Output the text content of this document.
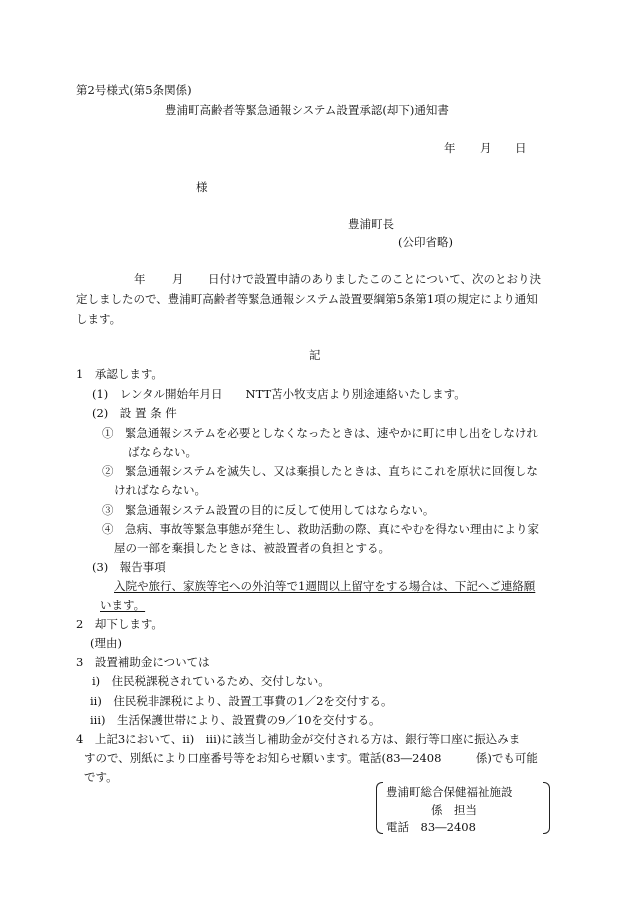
第2号様式(第5条関係)
豊浦町高齢者等緊急通報システム設置承認(却下)通知書
年 月 日
様
豊浦町長
(公印省略)
年 月 日付けで設置申請のありましたこのことについて、次のとおり決
定しましたので、豊浦町高齢者等緊急通報システム設置要綱第5条第1項の規定により通知
します。
記
1　承認します。
(1)　レンタル開始年月日　　NTT苫小牧支店より別途連絡いたします。
(2)　設 置 条 件
①　緊急通報システムを必要としなくなったときは、速やかに町に申し出をしなけれ
ばならない。
②　緊急通報システムを滅失し、又は棄損したときは、直ちにこれを原状に回復しな
ければならない。
③　緊急通報システム設置の目的に反して使用してはならない。
④　急病、事故等緊急事態が発生し、救助活動の際、真にやむを得ない理由により家
屋の一部を棄損したときは、被設置者の負担とする。
(3)　報告事項
入院や旅行、家族等宅への外泊等で1週間以上留守をする場合は、下記へご連絡願
います。
2　却下します。
(理由)
3　設置補助金については
i)　住民税課税されているため、交付しない。
ii)　住民税非課税により、設置工事費の1／2を交付する。
iii)　生活保護世帯により、設置費の9／10を交付する。
4　上記3において、ii)　iii)に該当し補助金が交付される方は、銀行等口座に振込みま
すので、別紙により口座番号等をお知らせ願います。電話(83―2408　　　係)でも可能
です。
豊浦町総合保健福祉施設
係　担当
電話　83―2408
